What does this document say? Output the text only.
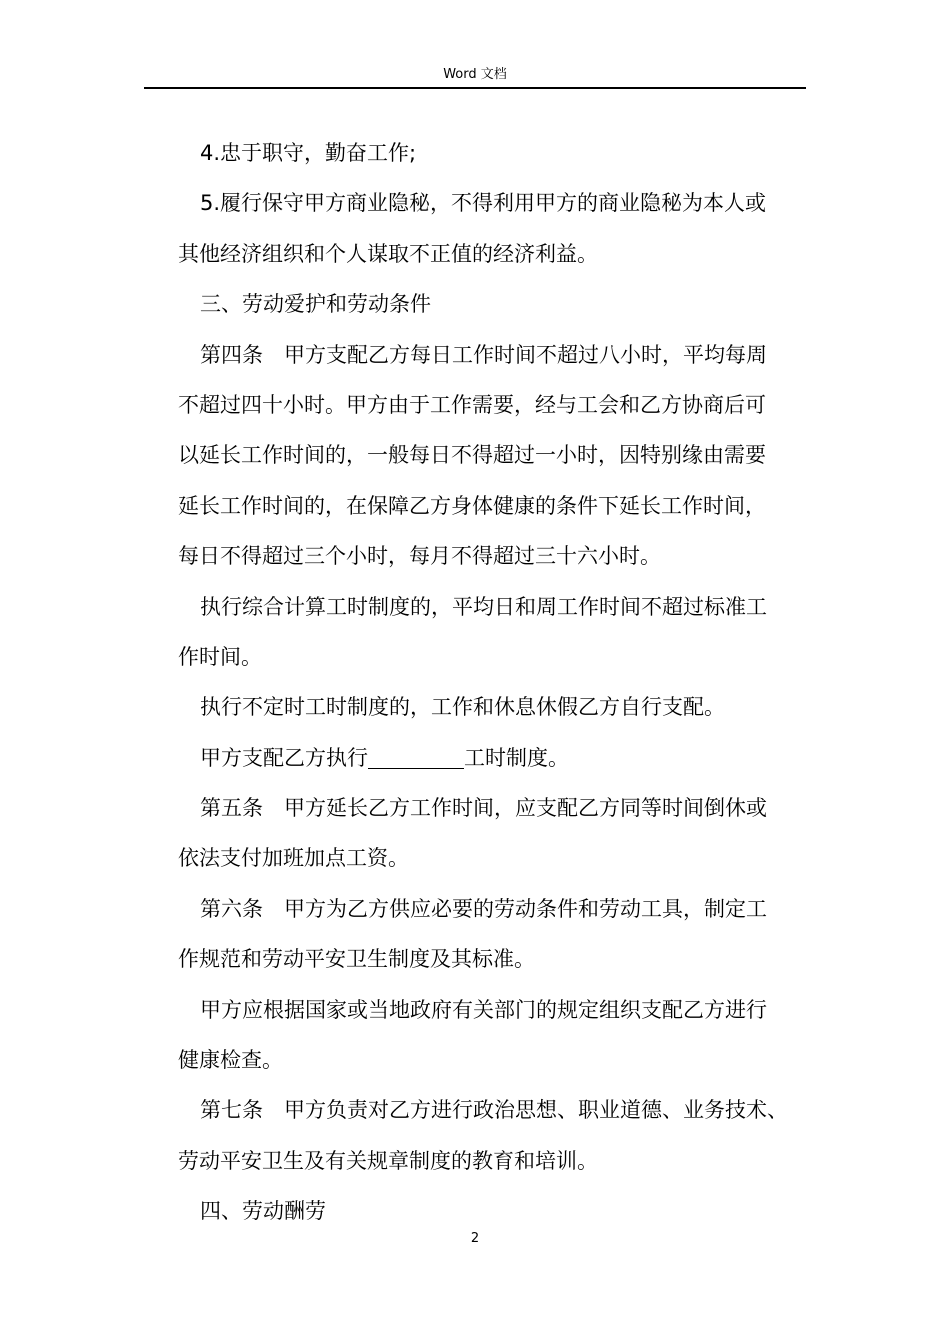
Word 文档
4.忠于职守，勤奋工作;
5.履行保守甲方商业隐秘，不得利用甲方的商业隐秘为本人或
其他经济组织和个人谋取不正值的经济利益。
三、劳动爱护和劳动条件
第四条　甲方支配乙方每日工作时间不超过八小时，平均每周
不超过四十小时。甲方由于工作需要，经与工会和乙方协商后可
以延长工作时间的，一般每日不得超过一小时，因特别缘由需要
延长工作时间的，在保障乙方身体健康的条件下延长工作时间，
每日不得超过三个小时，每月不得超过三十六小时。
执行综合计算工时制度的，平均日和周工作时间不超过标准工
作时间。
执行不定时工时制度的，工作和休息休假乙方自行支配。
甲方支配乙方执行	工时制度。
第五条　甲方延长乙方工作时间，应支配乙方同等时间倒休或
依法支付加班加点工资。
第六条　甲方为乙方供应必要的劳动条件和劳动工具，制定工
作规范和劳动平安卫生制度及其标准。
甲方应根据国家或当地政府有关部门的规定组织支配乙方进行
健康检查。
第七条　甲方负责对乙方进行政治思想、职业道德、业务技术、
劳动平安卫生及有关规章制度的教育和培训。
四、劳动酬劳
2
